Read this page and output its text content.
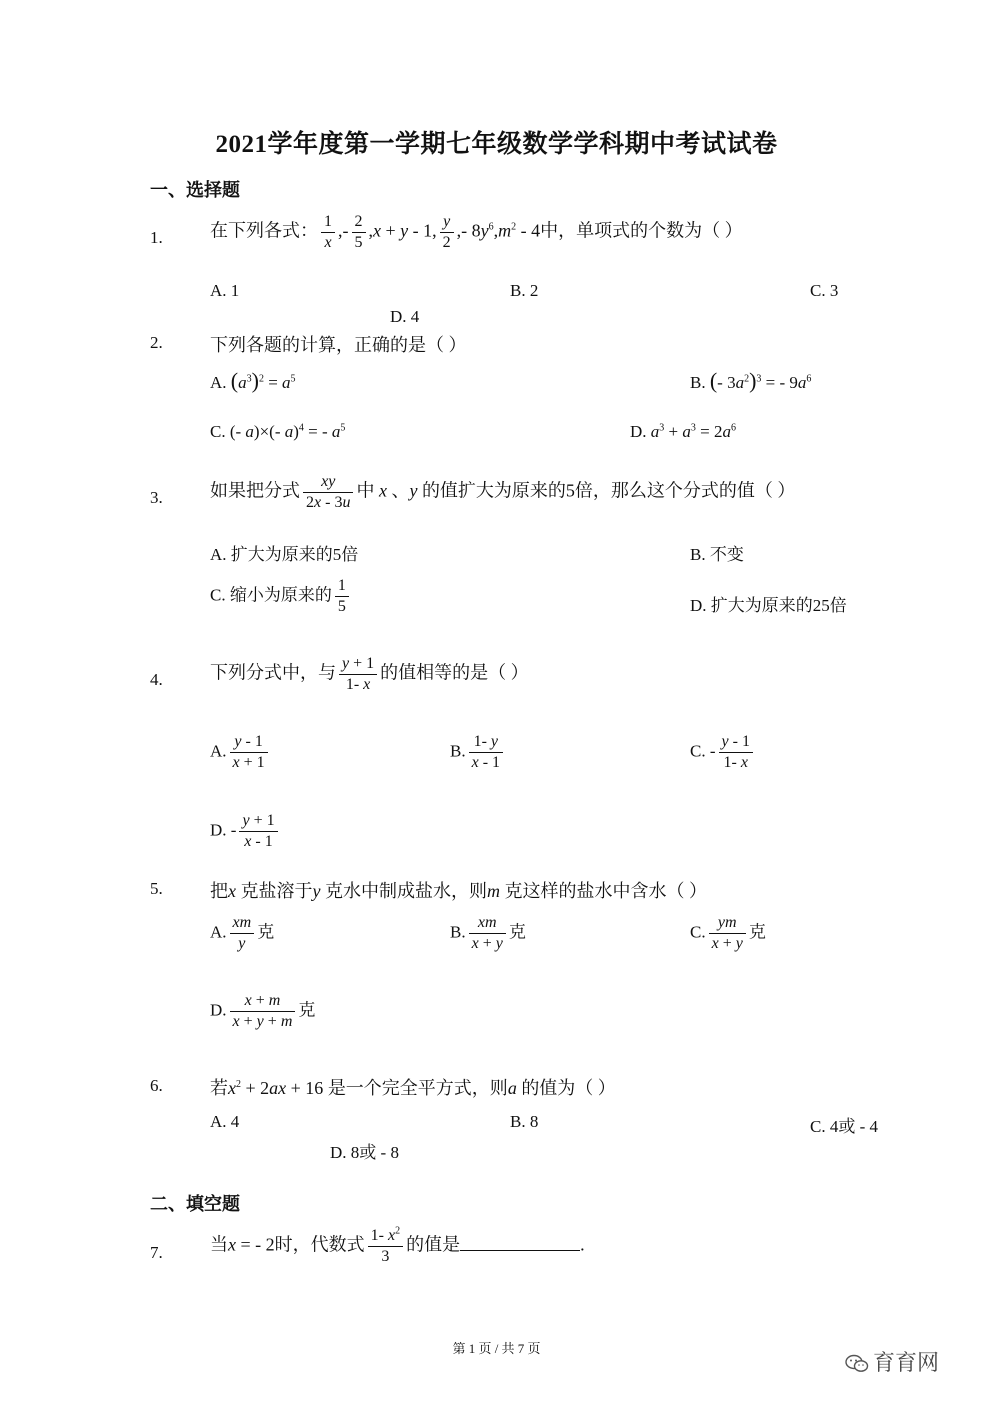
2021学年度第一学期七年级数学学科期中考试试卷
一、选择题
1.	在下列各式： $\frac{1}{x}$ ,- $\frac{2}{5} ,x + y - 1$, $\frac{y}{2}$ ,- $8y^6,m^2 - 4$中，单项式的个数为（ ）
A. 1	B. 2	C. 3
D. 4
2.	下列各题的计算，正确的是（ ）
A. $(a^3)^2 = a^5$	B. (- $3a^2)^3$ = - $9a^6$
C. (- a)×(- a)$^4$ = - $a^5$	D. $a^3 + a^3 = 2a^6$
3.	如果把分式 $\frac{xy}{2x - 3u}$ 中 x 、y 的值扩大为原来的5倍，那么这个分式的值（ ）
A. 扩大为原来的5倍	B. 不变
C. 缩小为原来的 $\frac{1}{5}$	D. 扩大为原来的25倍
4.	下列分式中，与 $\frac{y + 1}{1- x}$ 的值相等的是（ ）
A. $\frac{y - 1}{x + 1}$	B. $\frac{1- y}{x - 1}$	C. - $\frac{y - 1}{1- x}$
D. - $\frac{y + 1}{x - 1}$
5.	把x 克盐溶于y 克水中制成盐水，则m 克这样的盐水中含水（ ）
A. $\frac{xm}{y}$ 克	B. $\frac{xm}{x + y}$ 克	C. $\frac{ym}{x + y}$ 克
D. $\frac{x + m}{x + y + m}$ 克
6.	若$x^2 + 2ax + 16$ 是一个完全平方式，则a 的值为（ ）
A. 4	B. 8	C. 4或 - 4
D. 8或 - 8
二、填空题
7.	当x = - 2时，代数式 $\frac{1- x^2}{3}$ 的值是	.
第 1 页 / 共 7 页
育育网
